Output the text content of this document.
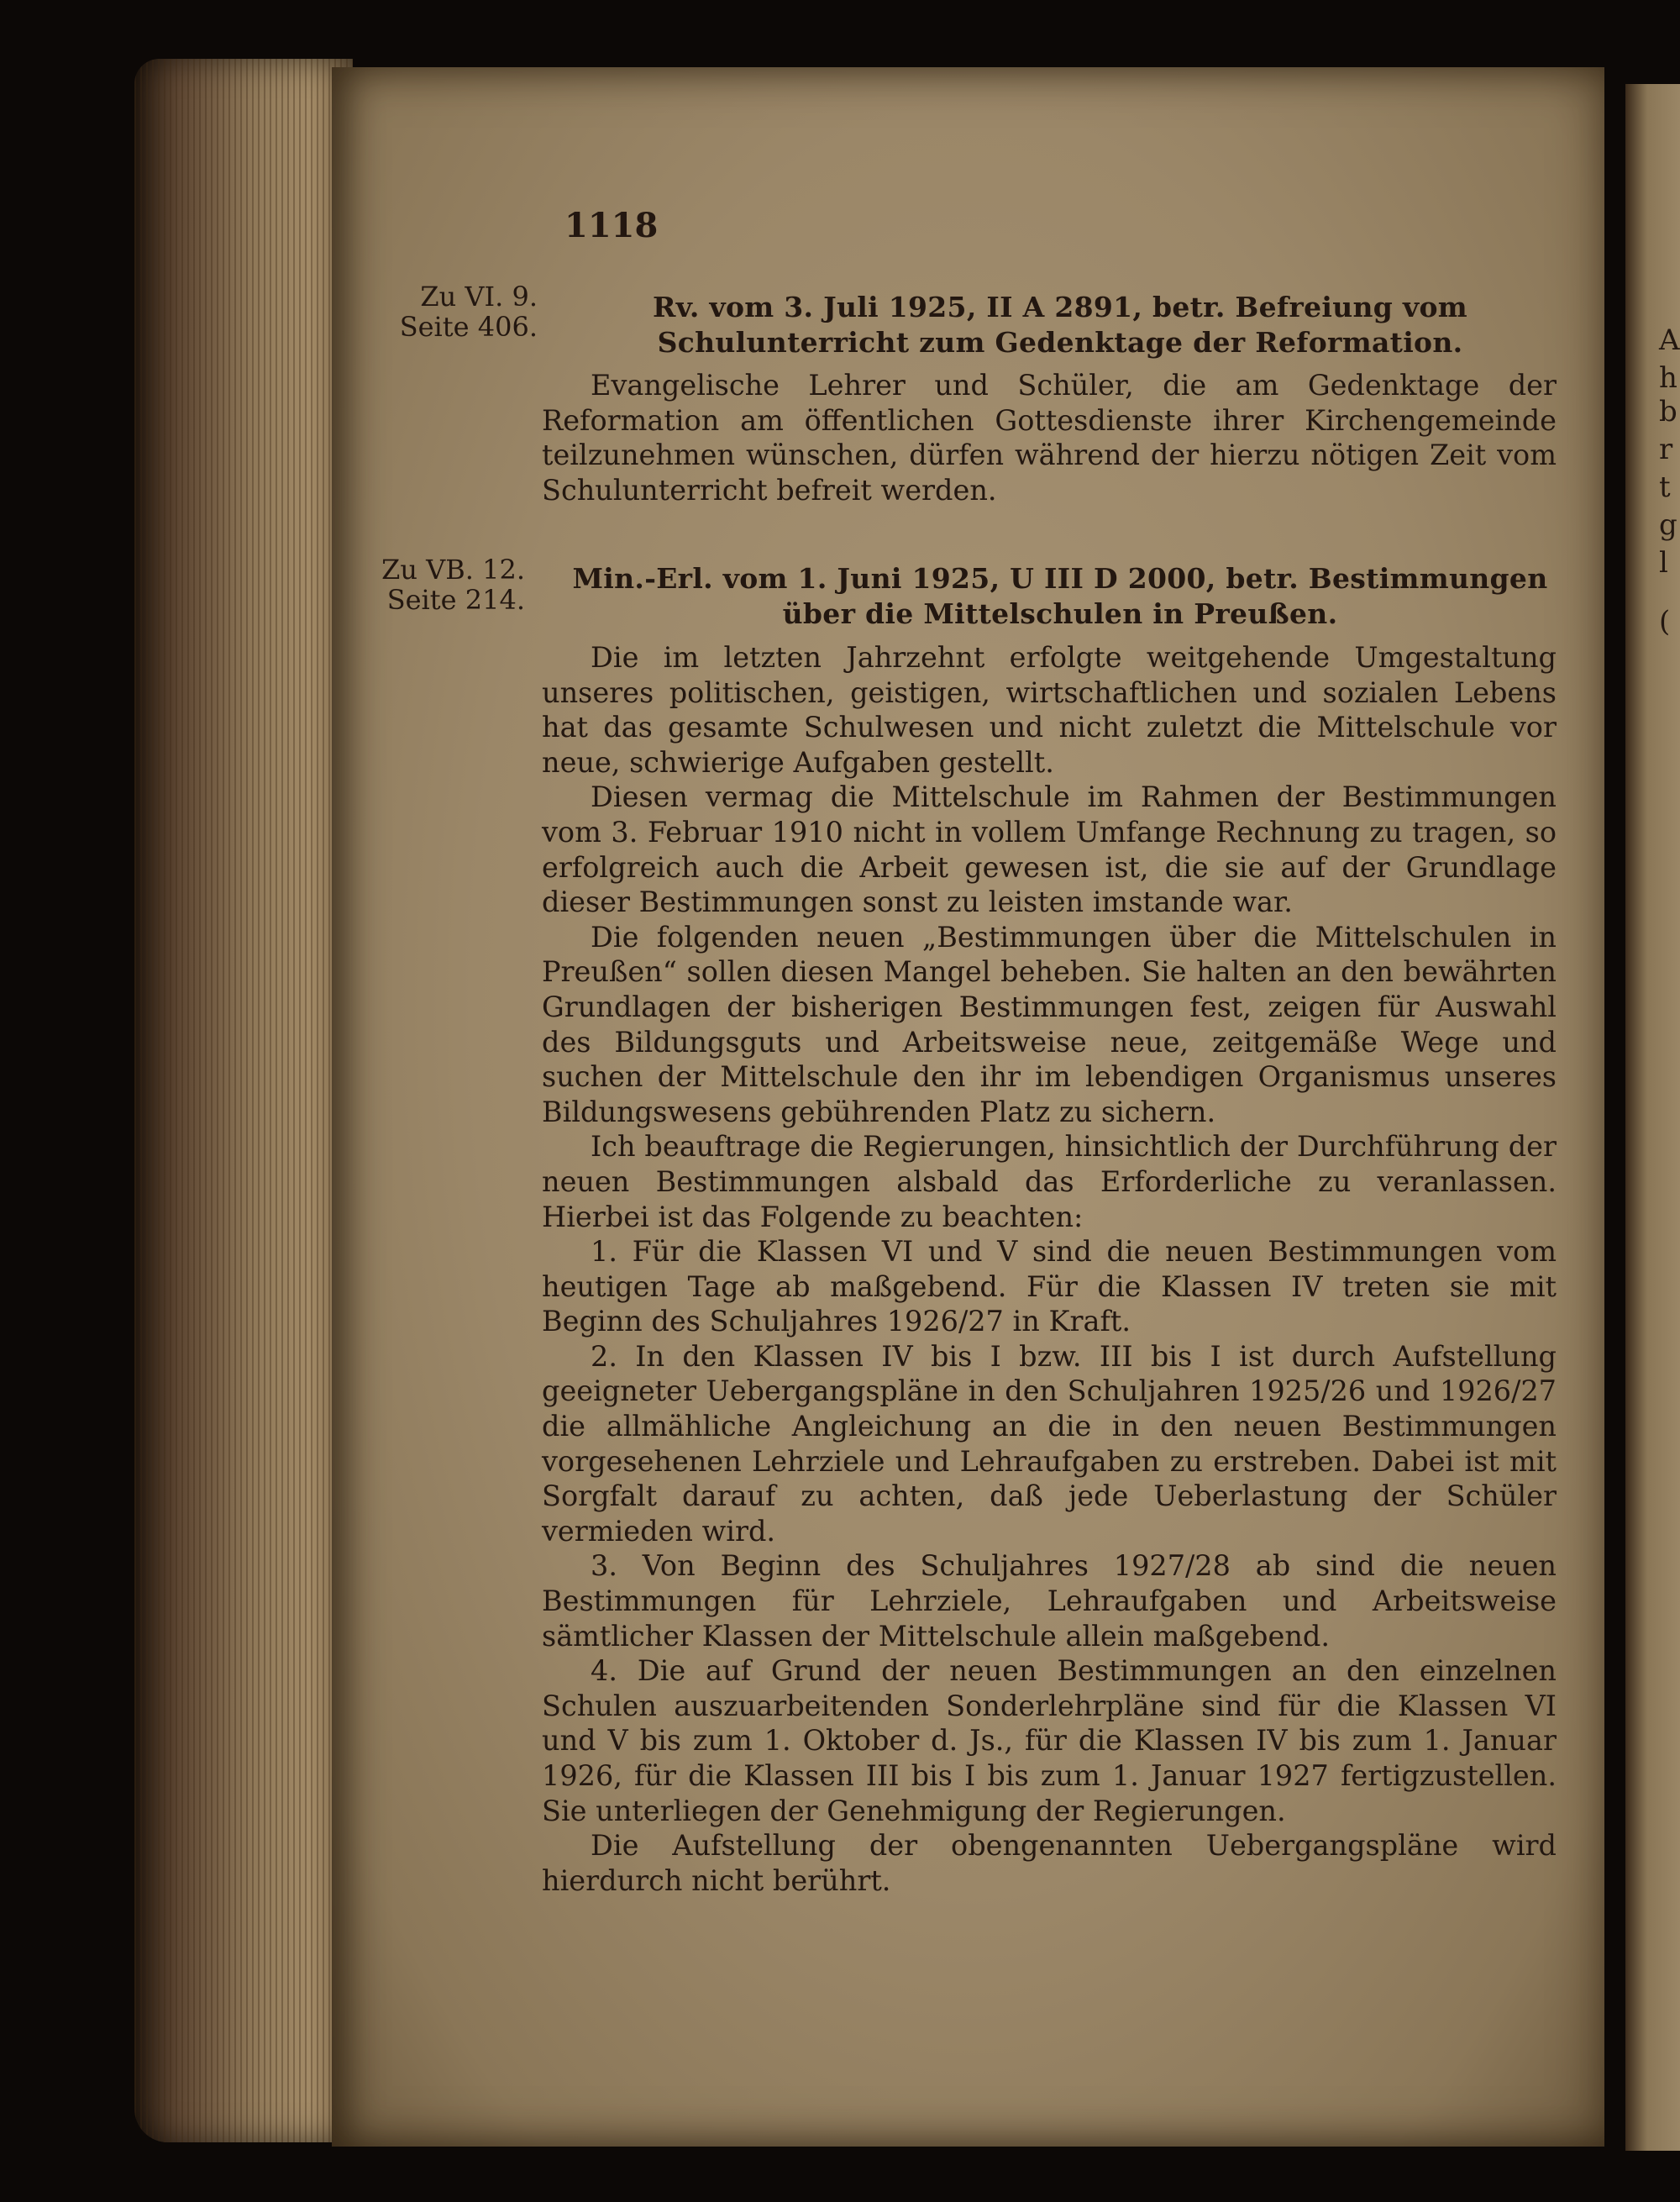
A
h
b
r
t
g
l
(
1118
Zu VI. 9.
Seite 406.
Rv. vom 3. Juli 1925, II A 2891, betr. Befreiung vom Schulunterricht zum Gedenktage der Reformation.

Evangelische Lehrer und Schüler, die am Gedenktage der Reformation am öffentlichen Gottesdienste ihrer Kirchengemeinde teilzunehmen wünschen, dürfen während der hierzu nötigen Zeit vom Schulunterricht befreit werden.

Zu VB. 12.
Seite 214.
Min.-Erl. vom 1. Juni 1925, U III D 2000, betr. Bestimmungen über die Mittelschulen in Preußen.

Die im letzten Jahrzehnt erfolgte weitgehende Umgestaltung unseres politischen, geistigen, wirtschaftlichen und sozialen Lebens hat das gesamte Schulwesen und nicht zuletzt die Mittelschule vor neue, schwierige Aufgaben gestellt.

Diesen vermag die Mittelschule im Rahmen der Bestimmungen vom 3. Februar 1910 nicht in vollem Umfange Rechnung zu tragen, so erfolgreich auch die Arbeit gewesen ist, die sie auf der Grundlage dieser Bestimmungen sonst zu leisten imstande war.

Die folgenden neuen „Bestimmungen über die Mittelschulen in Preußen“ sollen diesen Mangel beheben. Sie halten an den bewährten Grundlagen der bisherigen Bestimmungen fest, zeigen für Auswahl des Bildungsguts und Arbeitsweise neue, zeitgemäße Wege und suchen der Mittelschule den ihr im lebendigen Organismus unseres Bildungswesens gebührenden Platz zu sichern.

Ich beauftrage die Regierungen, hinsichtlich der Durchführung der neuen Bestimmungen alsbald das Erforderliche zu veranlassen. Hierbei ist das Folgende zu beachten:

1. Für die Klassen VI und V sind die neuen Bestimmungen vom heutigen Tage ab maßgebend. Für die Klassen IV treten sie mit Beginn des Schuljahres 1926/27 in Kraft.

2. In den Klassen IV bis I bzw. III bis I ist durch Aufstellung geeigneter Uebergangspläne in den Schuljahren 1925/26 und 1926/27 die allmähliche Angleichung an die in den neuen Bestimmungen vorgesehenen Lehrziele und Lehraufgaben zu erstreben. Dabei ist mit Sorgfalt darauf zu achten, daß jede Ueberlastung der Schüler vermieden wird.

3. Von Beginn des Schuljahres 1927/28 ab sind die neuen Bestimmungen für Lehrziele, Lehraufgaben und Arbeitsweise sämtlicher Klassen der Mittelschule allein maßgebend.

4. Die auf Grund der neuen Bestimmungen an den einzelnen Schulen auszuarbeitenden Sonderlehrpläne sind für die Klassen VI und V bis zum 1. Oktober d. Js., für die Klassen IV bis zum 1. Januar 1926, für die Klassen III bis I bis zum 1. Januar 1927 fertigzustellen. Sie unterliegen der Genehmigung der Regierungen.

Die Aufstellung der obengenannten Uebergangspläne wird hierdurch nicht berührt.
